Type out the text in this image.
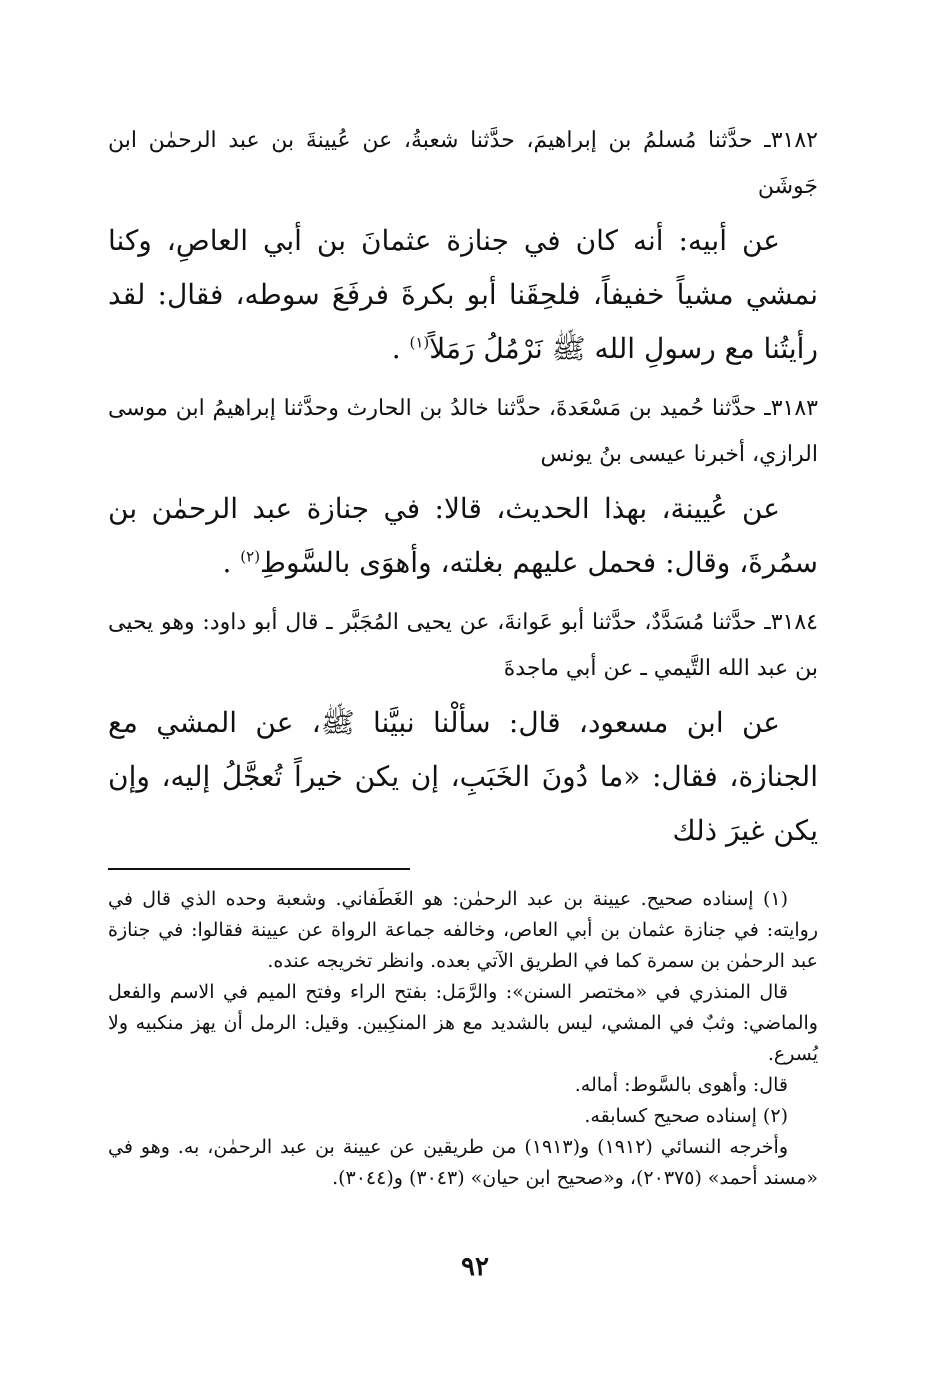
٣١٨٢ـ حدَّثنا مُسلمُ بن إبراهيمَ، حدَّثنا شعبةُ، عن عُيينةَ بن عبد الرحمٰن ابن جَوشَن

عن أبيه: أنه كان في جنازة عثمانَ بن أبي العاصِ، وكنا نمشي مشياً خفيفاً، فلحِقَنا أبو بكرةَ فرفَعَ سوطه، فقال: لقد رأيتُنا مع رسولِ الله ﷺ نَرْمُلُ رَمَلاً$^{(١)}$ .

٣١٨٣ـ حدَّثنا حُميد بن مَسْعَدةَ، حدَّثنا خالدُ بن الحارث وحدَّثنا إبراهيمُ ابن موسى الرازي، أخبرنا عيسى بنُ يونس

عن عُيينة، بهذا الحديث، قالا: في جنازة عبد الرحمٰن بن سمُرةَ، وقال: فحمل عليهم بغلته، وأهوَى بالسَّوطِ$^{(٢)}$ .

٣١٨٤ـ حدَّثنا مُسَدَّدٌ، حدَّثنا أبو عَوانةَ، عن يحيى المُجَبَّر ـ قال أبو داود: وهو يحيى بن عبد الله التَّيمي ـ عن أبي ماجدةَ

عن ابن مسعود، قال: سألْنا نبيَّنا ﷺ، عن المشي مع الجنازة، فقال: «ما دُونَ الخَبَبِ، إن يكن خيراً تُعجَّلُ إليه، وإن يكن غيرَ ذلك

(١) إسناده صحيح. عيينة بن عبد الرحمٰن: هو الغَطَفاني. وشعبة وحده الذي قال في روايته: في جنازة عثمان بن أبي العاص، وخالفه جماعة الرواة عن عيينة فقالوا: في جنازة عبد الرحمٰن بن سمرة كما في الطريق الآتي بعده. وانظر تخريجه عنده.

قال المنذري في «مختصر السنن»: والرَّمَل: بفتح الراء وفتح الميم في الاسم والفعل والماضي: وثبٌ في المشي، ليس بالشديد مع هز المنكِبين. وقيل: الرمل أن يهز منكبيه ولا يُسرع.

قال: وأهوى بالسَّوط: أماله.

(٢) إسناده صحيح كسابقه.

وأخرجه النسائي (١٩١٢) و(١٩١٣) من طريقين عن عيينة بن عبد الرحمٰن، به. وهو في «مسند أحمد» (٢٠٣٧٥)، و«صحيح ابن حيان» (٣٠٤٣) و(٣٠٤٤).

٩٢
